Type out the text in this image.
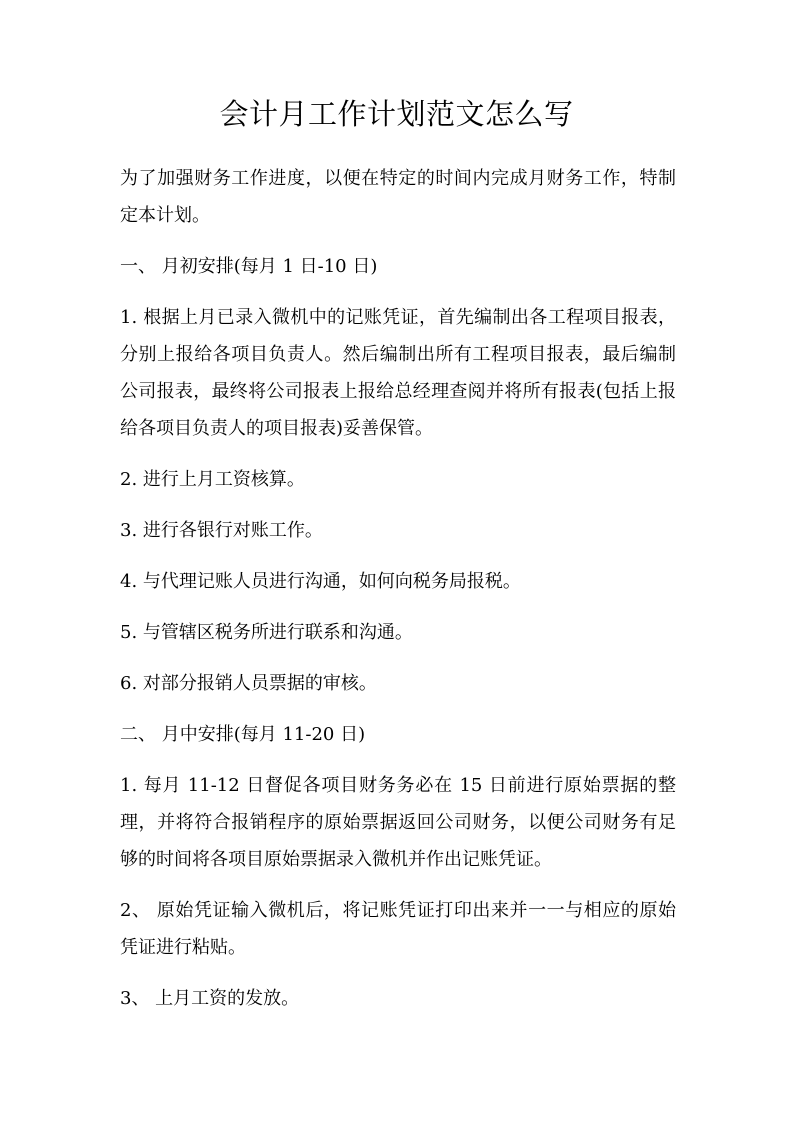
会计月工作计划范文怎么写

为了加强财务工作进度，以便在特定的时间内完成月财务工作，特制定本计划。

一、 月初安排(每月 1 日-10 日)

1. 根据上月已录入微机中的记账凭证，首先编制出各工程项目报表，分别上报给各项目负责人。然后编制出所有工程项目报表，最后编制公司报表，最终将公司报表上报给总经理查阅并将所有报表(包括上报给各项目负责人的项目报表)妥善保管。

2. 进行上月工资核算。

3. 进行各银行对账工作。

4. 与代理记账人员进行沟通，如何向税务局报税。

5. 与管辖区税务所进行联系和沟通。

6. 对部分报销人员票据的审核。

二、 月中安排(每月 11-20 日)

1. 每月 11-12 日督促各项目财务务必在 15 日前进行原始票据的整理，并将符合报销程序的原始票据返回公司财务，以便公司财务有足够的时间将各项目原始票据录入微机并作出记账凭证。

2、 原始凭证输入微机后，将记账凭证打印出来并一一与相应的原始凭证进行粘贴。

3、 上月工资的发放。
